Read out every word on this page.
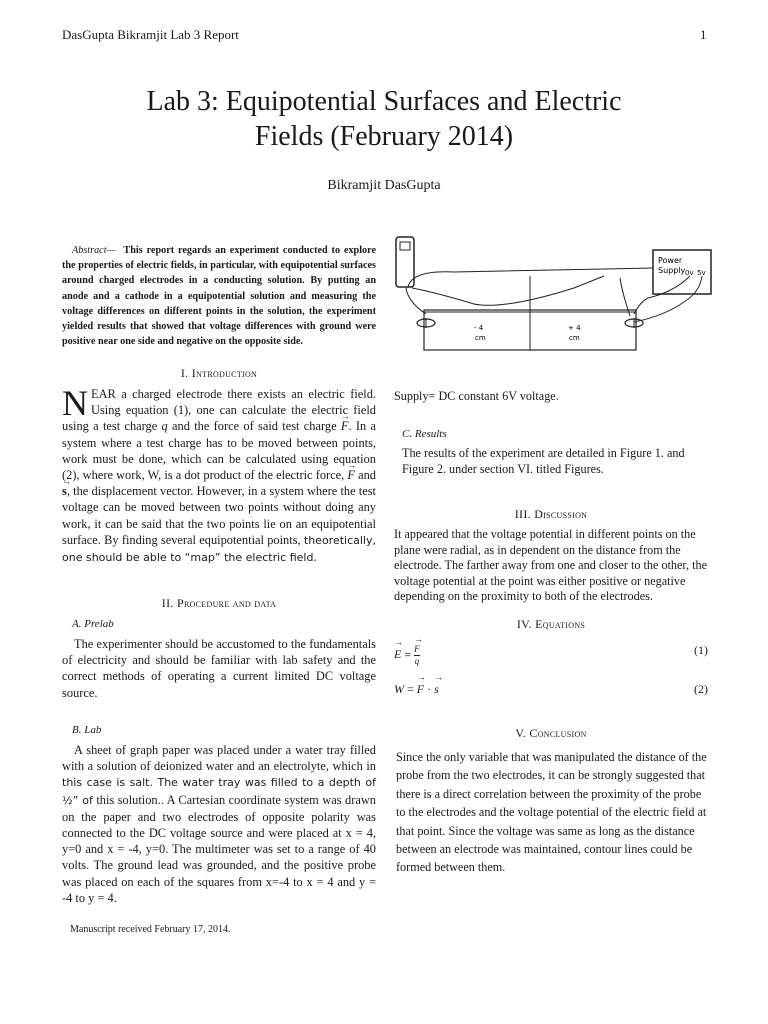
DasGupta Bikramjit Lab 3 Report	1
Lab 3: Equipotential Surfaces and Electric
Fields (February 2014)
Bikramjit DasGupta
Abstract— This report regards an experiment conducted to explore the properties of electric fields, in particular, with equipotential surfaces around charged electrodes in a conducting solution. By putting an anode and a cathode in a equipotential solution and measuring the voltage differences on different points in the solution, the experiment yielded results that showed that voltage differences with ground were positive near one side and negative on the opposite side.
I. Introduction
NEAR a charged electrode there exists an electric field. Using equation (1), one can calculate the electric field using a test charge q and the force of said test charge → F. In a system where a test charge has to be moved between points, work must be done, which can be calculated using equation (2), where work, W, is a dot product of the electric force, → F and → s, the displacement vector. However, in a system where the test voltage can be moved between two points without doing any work, it can be said that the two points lie on an equipotential surface. By finding several equipotential points, theoretically, one should be able to “map” the electric field.
II. Procedure and data
A. Prelab

The experimenter should be accustomed to the fundamentals of electricity and should be familiar with lab safety and the correct methods of operating a current limited DC voltage source.

B. Lab

A sheet of graph paper was placed under a water tray filled with a solution of deionized water and an electrolyte, which in this case is salt. The water tray was filled to a depth of ½” of this solution.. A Cartesian coordinate system was drawn on the paper and two electrodes of opposite polarity was connected to the DC voltage source and were placed at x = 4, y=0 and x = -4, y=0. The multimeter was set to a range of 40 volts. The ground lead was grounded, and the positive probe was placed on each of the squares from x=-4 to x = 4 and y = -4 to y = 4.

Power
Supply 0v 5v
- 4
cm
+ 4
cm
Supply= DC constant 6V voltage.
C. Results
The results of the experiment are detailed in Figure 1. and Figure 2. under section VI. titled Figures.
III. Discussion
It appeared that the voltage potential in different points on the plane were radial, as in dependent on the distance from the electrode. The farther away from one and closer to the other, the voltage potential at the point was either positive or negative depending on the proximity to both of the electrodes.
IV. Equations
→ E =
→ $\frac{F}{q}$	(1)
W = → F · → s	(2)
V. Conclusion
Since the only variable that was manipulated the distance of the probe from the two electrodes, it can be strongly suggested that there is a direct correlation between the proximity of the probe to the electrodes and the voltage potential of the electric field at that point. Since the voltage was same as long as the distance between an electrode was maintained, contour lines could be formed between them.
Manuscript received February 17, 2014.
